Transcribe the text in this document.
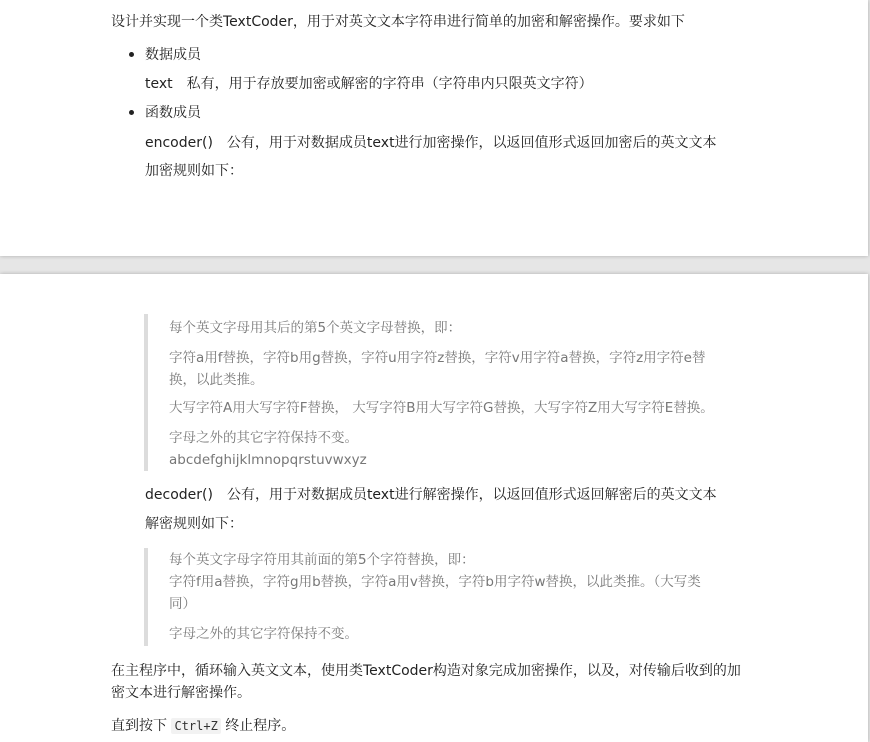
设计并实现一个类TextCoder，用于对英文文本字符串进行简单的加密和解密操作。要求如下
数据成员
text　私有，用于存放要加密或解密的字符串（字符串内只限英文字符）
函数成员
encoder()　公有，用于对数据成员text进行加密操作，以返回值形式返回加密后的英文文本
加密规则如下：
每个英文字母用其后的第5个英文字母替换，即：
字符a用f替换，字符b用g替换，字符u用字符z替换，字符v用字符a替换，字符z用字符e替
换，以此类推。
大写字符A用大写字符F替换， 大写字符B用大写字符G替换，大写字符Z用大写字符E替换。
字母之外的其它字符保持不变。
abcdefghijklmnopqrstuvwxyz
decoder()　公有，用于对数据成员text进行解密操作，以返回值形式返回解密后的英文文本
解密规则如下：
每个英文字母字符用其前面的第5个字符替换，即：
字符f用a替换，字符g用b替换，字符a用v替换，字符b用字符w替换，以此类推。（大写类
同）
字母之外的其它字符保持不变。
在主程序中，循环输入英文文本，使用类TextCoder构造对象完成加密操作，以及，对传输后收到的加
密文本进行解密操作。
直到按下 Ctrl+Z 终止程序。
